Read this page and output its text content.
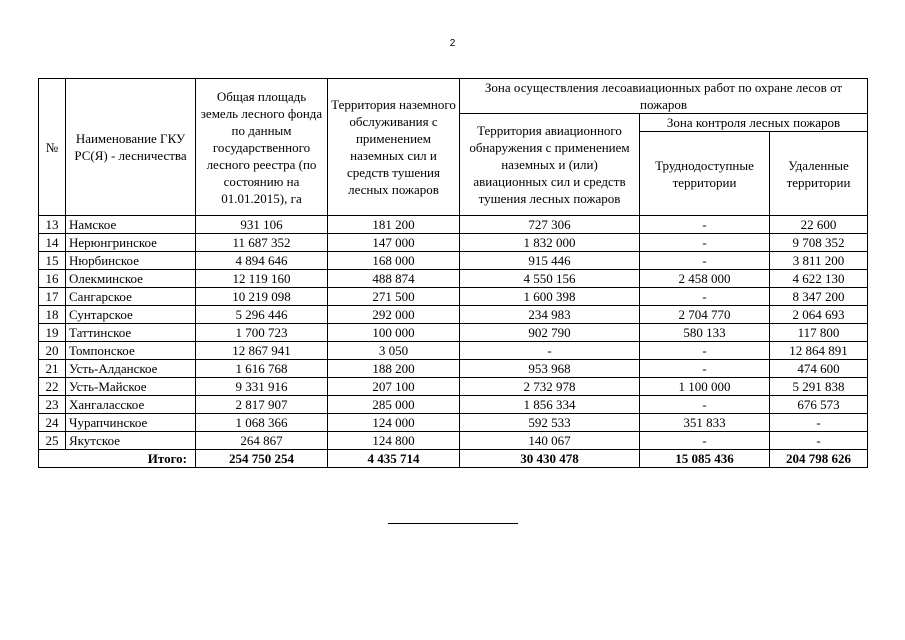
2
№	Наименование ГКУ РС(Я) - лесничества	Общая площадь земель лесного фонда по данным государственного лесного реестра (по состоянию на 01.01.2015), га	Территория наземного обслуживания с применением наземных сил и средств тушения лесных пожаров	Зона осуществления лесоавиационных работ по охране лесов от пожаров		
				Территория авиационного обнаружения с применением наземных и (или) авиационных сил и средств тушения лесных пожаров	Зона контроля лесных пожаров	
					Труднодоступные территории	Удаленные территории
13	Намское	931 106	181 200	727 306	-	22 600
14	Нерюнгринское	11 687 352	147 000	1 832 000	-	9 708 352
15	Нюрбинское	4 894 646	168 000	915 446	-	3 811 200
16	Олекминское	12 119 160	488 874	4 550 156	2 458 000	4 622 130
17	Сангарское	10 219 098	271 500	1 600 398	-	8 347 200
18	Сунтарское	5 296 446	292 000	234 983	2 704 770	2 064 693
19	Таттинское	1 700 723	100 000	902 790	580 133	117 800
20	Томпонское	12 867 941	3 050	-	-	12 864 891
21	Усть-Алданское	1 616 768	188 200	953 968	-	474 600
22	Усть-Майское	9 331 916	207 100	2 732 978	1 100 000	5 291 838
23	Хангаласское	2 817 907	285 000	1 856 334	-	676 573
24	Чурапчинское	1 068 366	124 000	592 533	351 833	-
25	Якутское	264 867	124 800	140 067	-	-
Итого:		254 750 254	4 435 714	30 430 478	15 085 436	204 798 626
